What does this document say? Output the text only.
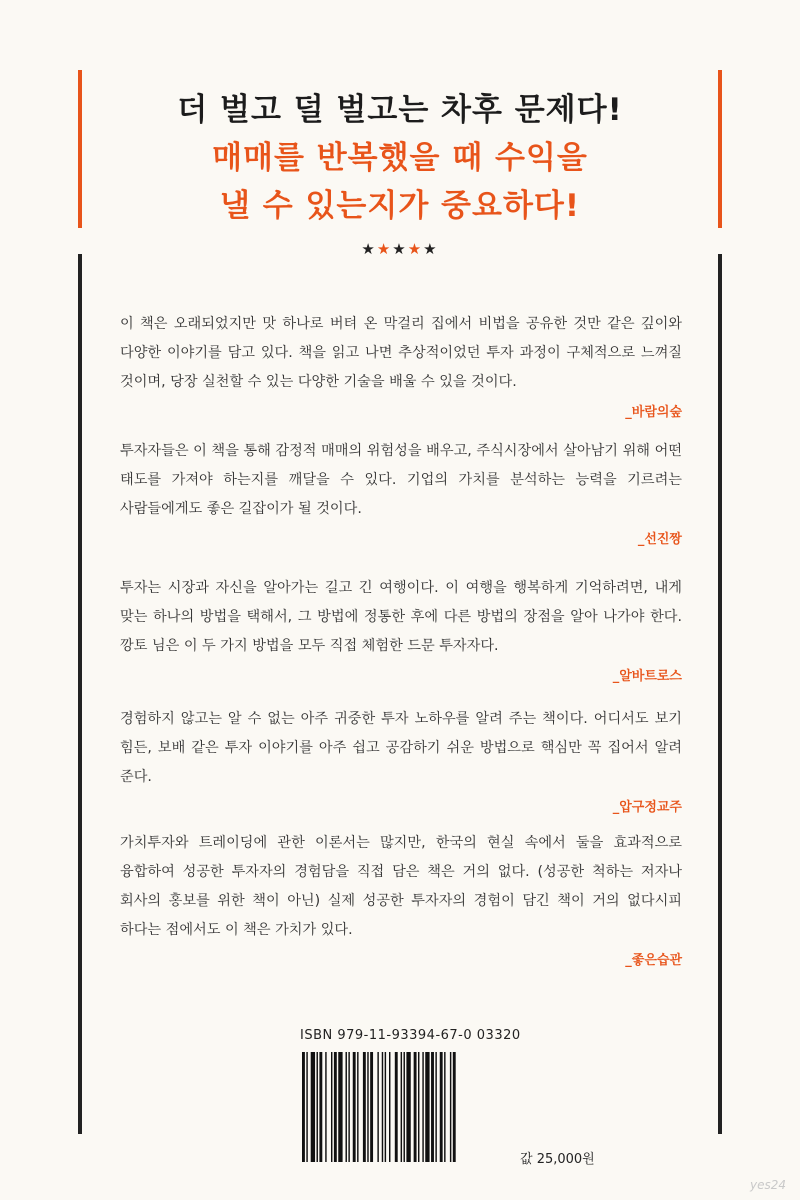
더 벌고 덜 벌고는 차후 문제다!
매매를 반복했을 때 수익을
낼 수 있는지가 중요하다!
★★★★★

이 책은 오래되었지만 맛 하나로 버텨 온 막걸리 집에서 비법을 공유한 것만 같은 깊이와 다양한 이야기를 담고 있다. 책을 읽고 나면 추상적이었던 투자 과정이 구체적으로 느껴질 것이며, 당장 실천할 수 있는 다양한 기술을 배울 수 있을 것이다.

_바람의숲

투자자들은 이 책을 통해 감정적 매매의 위험성을 배우고, 주식시장에서 살아남기 위해 어떤 태도를 가져야 하는지를 깨달을 수 있다. 기업의 가치를 분석하는 능력을 기르려는 사람들에게도 좋은 길잡이가 될 것이다.

_선진짱

투자는 시장과 자신을 알아가는 길고 긴 여행이다. 이 여행을 행복하게 기억하려면, 내게 맞는 하나의 방법을 택해서, 그 방법에 정통한 후에 다른 방법의 장점을 알아 나가야 한다. 깡토 님은 이 두 가지 방법을 모두 직접 체험한 드문 투자자다.

_알바트로스

경험하지 않고는 알 수 없는 아주 귀중한 투자 노하우를 알려 주는 책이다. 어디서도 보기 힘든, 보배 같은 투자 이야기를 아주 쉽고 공감하기 쉬운 방법으로 핵심만 꼭 집어서 알려 준다.

_압구정교주

가치투자와 트레이딩에 관한 이론서는 많지만, 한국의 현실 속에서 둘을 효과적으로 융합하여 성공한 투자자의 경험담을 직접 담은 책은 거의 없다. (성공한 척하는 저자나 회사의 홍보를 위한 책이 아닌) 실제 성공한 투자자의 경험이 담긴 책이 거의 없다시피 하다는 점에서도 이 책은 가치가 있다.

_좋은습관
ISBN 979-11-93394-67-0 03320
값 25,000원
yes24
